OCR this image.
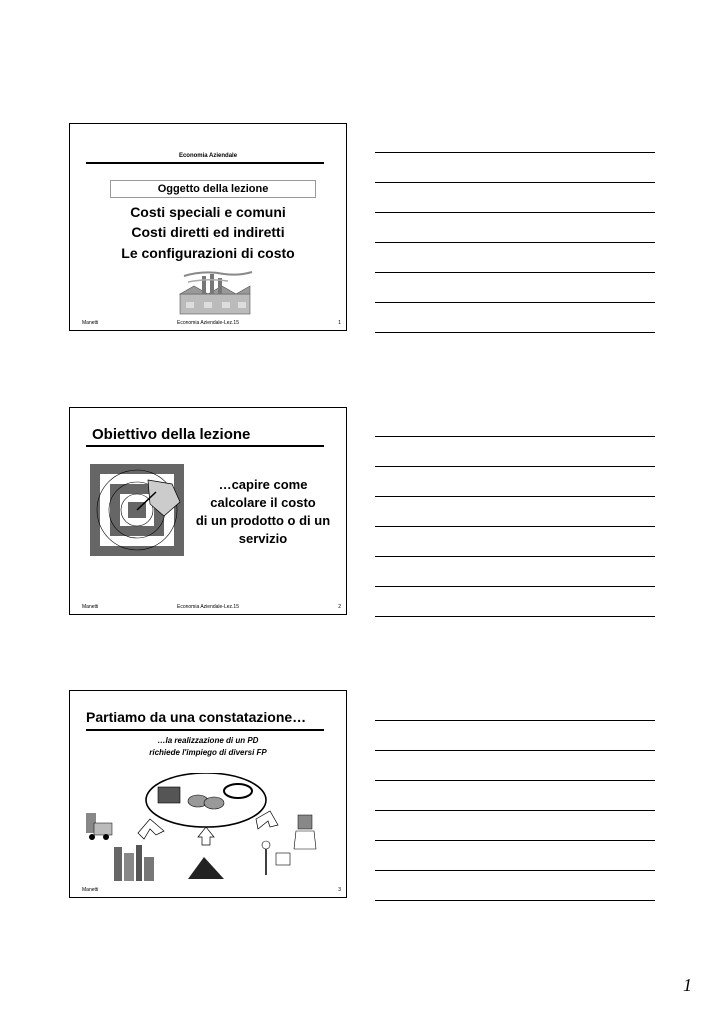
Economia Aziendale
Oggetto della lezione
Costi speciali e comuni
Costi diretti ed indiretti
Le configurazioni di costo
Manetti	Economia Aziendale-Lez.15	1
Obiettivo della lezione
…capire come
calcolare il costo
di un prodotto o di un
servizio
Manetti	Economia Aziendale-Lez.15	2
Partiamo da una constatazione…
…la realizzazione di un PD
richiede l'impiego di diversi FP
Manetti	3
1
